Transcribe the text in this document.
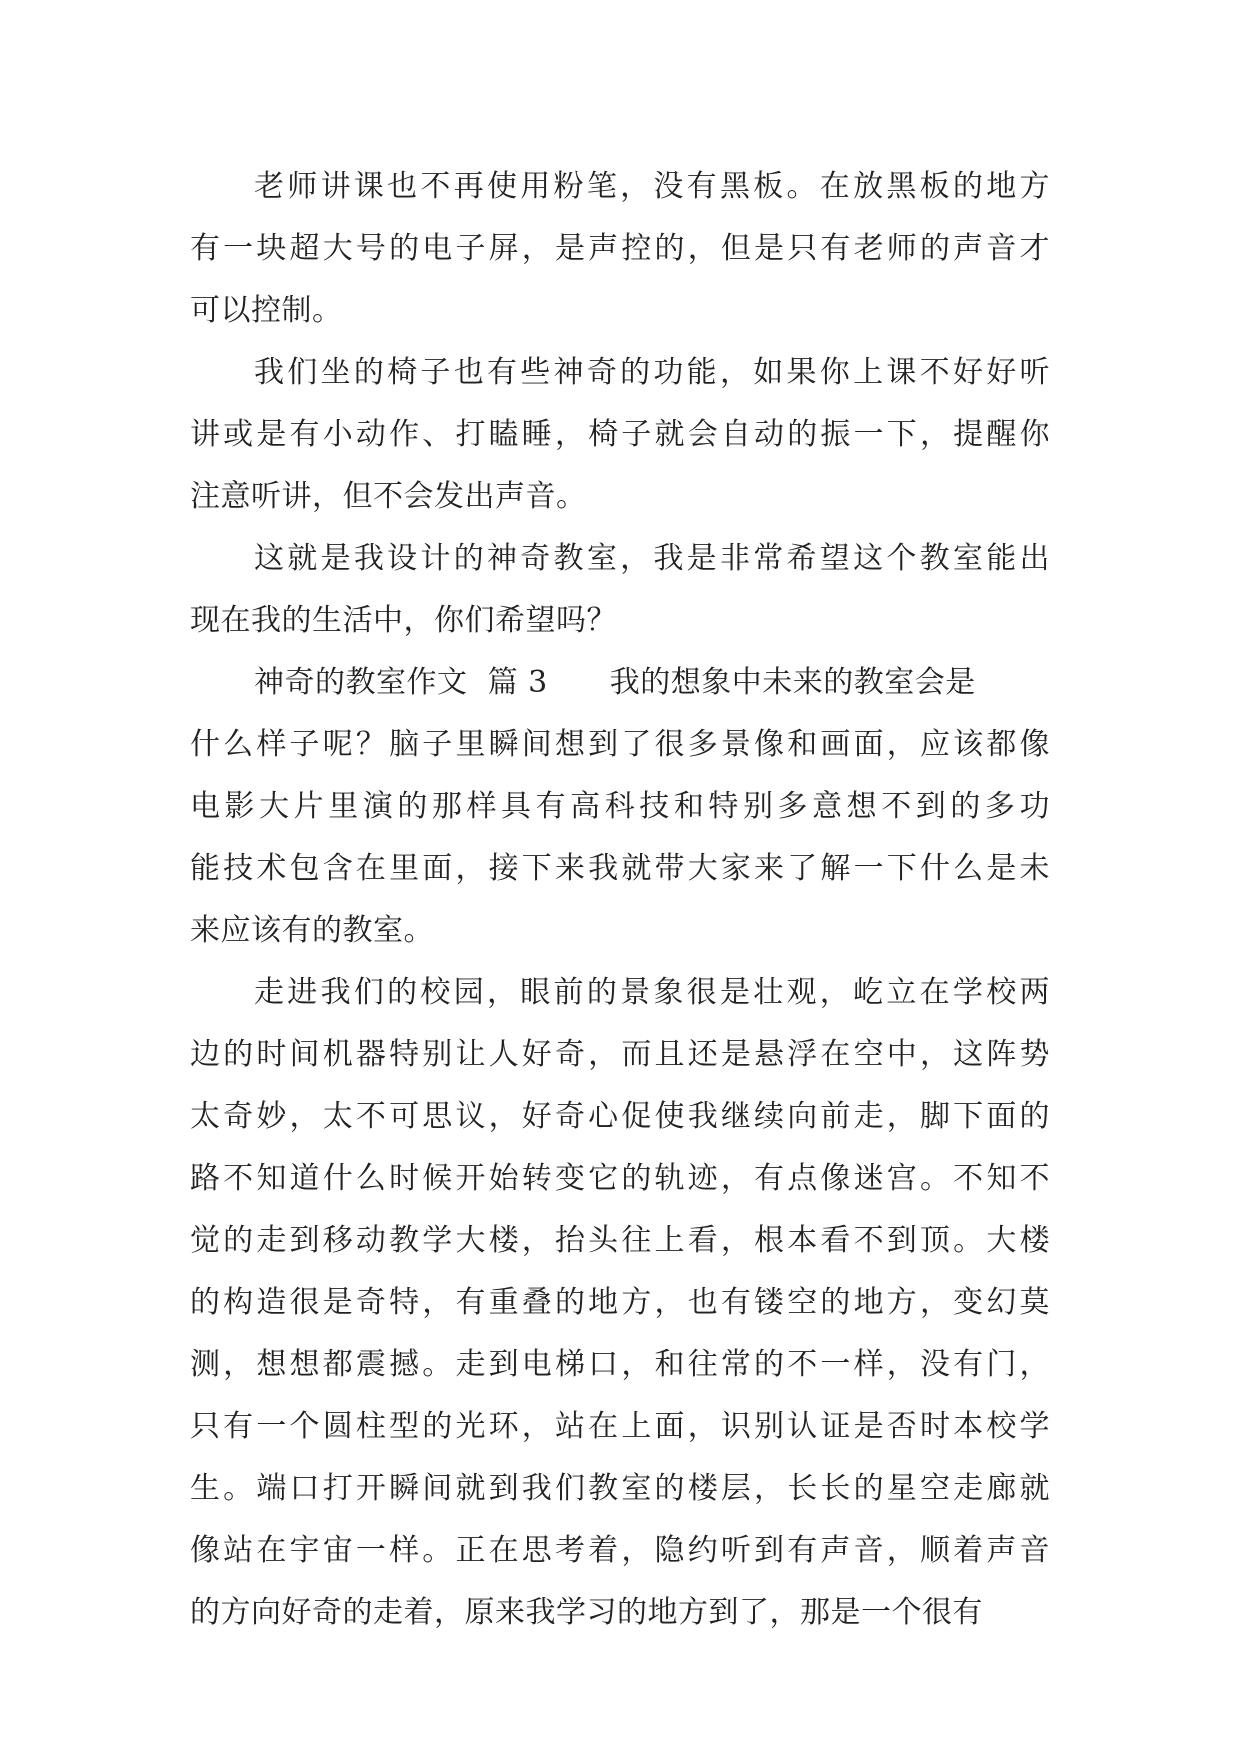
老师讲课也不再使用粉笔，没有黑板。在放黑板的地方
有一块超大号的电子屏，是声控的，但是只有老师的声音才
可以控制。
我们坐的椅子也有些神奇的功能，如果你上课不好好听
讲或是有小动作、打瞌睡，椅子就会自动的振一下，提醒你
注意听讲，但不会发出声音。
这就是我设计的神奇教室，我是非常希望这个教室能出
现在我的生活中，你们希望吗？
神奇的教室作文  篇 3 我的想象中未来的教室会是
什么样子呢？脑子里瞬间想到了很多景像和画面，应该都像
电影大片里演的那样具有高科技和特别多意想不到的多功
能技术包含在里面，接下来我就带大家来了解一下什么是未
来应该有的教室。
走进我们的校园，眼前的景象很是壮观，屹立在学校两
边的时间机器特别让人好奇，而且还是悬浮在空中，这阵势
太奇妙，太不可思议，好奇心促使我继续向前走，脚下面的
路不知道什么时候开始转变它的轨迹，有点像迷宫。不知不
觉的走到移动教学大楼，抬头往上看，根本看不到顶。大楼
的构造很是奇特，有重叠的地方，也有镂空的地方，变幻莫
测，想想都震撼。走到电梯口，和往常的不一样，没有门，
只有一个圆柱型的光环，站在上面，识别认证是否时本校学
生。端口打开瞬间就到我们教室的楼层，长长的星空走廊就
像站在宇宙一样。正在思考着，隐约听到有声音，顺着声音
的方向好奇的走着，原来我学习的地方到了，那是一个很有
